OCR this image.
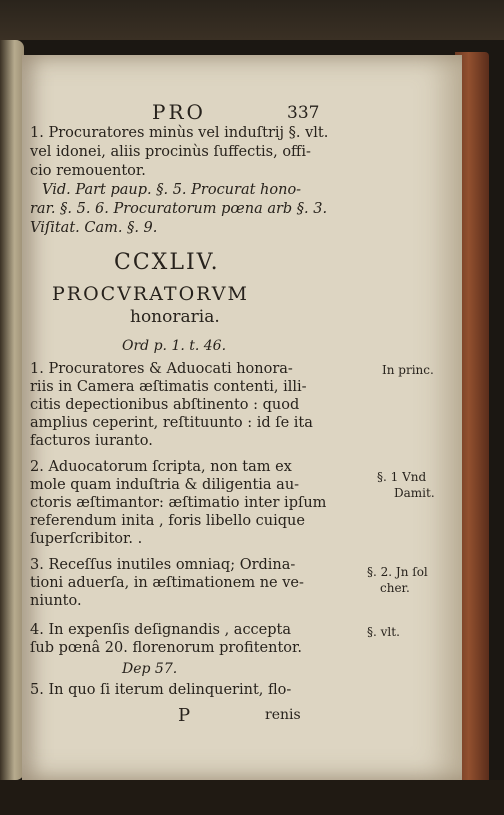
PRO	337
1. Procuratores minùs vel induſtrij §. vlt.
vel idonei, aliis procinùs ſuffectis, offi-
cio remouentor.
Vid. Part paup. §. 5. Procurat hono-
rar. §. 5. 6. Procuratorum pœna arb §. 3.
Viſitat. Cam. §. 9.
CCXLIV.
PROCVRATORVM
honoraria.
Ord p. 1. t. 46.
1. Procuratores & Aduocati honora-
riis in Camera æſtimatis contenti, illi-
citis depectionibus abſtinento : quod
amplius ceperint, reſtituunto : id ſe ita
facturos iuranto.
In princ.
2. Aduocatorum ſcripta, non tam ex
mole quam induſtria & diligentia au-
ctoris æſtimantor: æſtimatio inter ipſum
referendum inita , foris libello cuique
ſuperſcribitor. .
§. 1 Vnd
Damit.
3. Receſſus inutiles omniaq; Ordina-
tioni aduerſa, in æſtimationem ne ve-
niunto.
§. 2. Jn ſol
cher.
4. In expenſis deſignandis , accepta
ſub pœnâ 20. florenorum profitentor.
§. vlt.
Dep 57.
5. In quo ſi iterum delinquerint, flo-
P	renis
